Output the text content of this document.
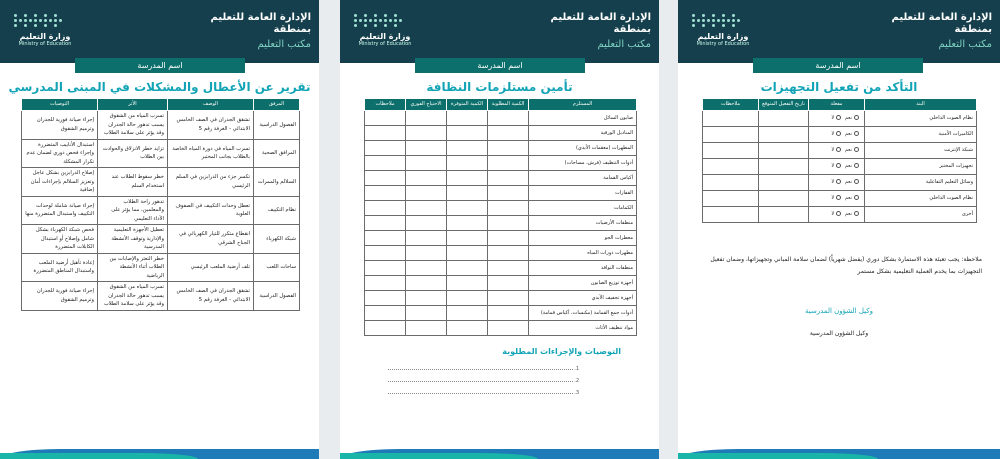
الإدارة العامة للتعليم
بمنطقة
مكتب التعليم
وزارة التعليم
Ministry of Education
اسم المدرسة
تقرير عن الأعطال والمشكلات في المبنى المدرسي
المرفق	الوصف	الأثر	التوصيات
الفصول الدراسية	تشقق الجدران في الصف الخامس الابتدائي - الغرفة رقم 5	تسرب المياه من الشقوق يسبب تدهور حالة الجدران وقد يؤثر على سلامة الطلاب	إجراء صيانة فورية للجدران وترميم الشقوق
المرافق الصحية	تسرب المياه في دورة المياه الخاصة بالطلاب بجانب المختبر	تزايد خطر الانزلاق والحوادث بين الطلاب	استبدال الأنابيب المتضررة وإجراء فحص دوري لضمان عدم تكرار المشكلة
السلالم والممرات	تكسر جزء من الدرابزين في السلم الرئيسي	خطر سقوط الطلاب عند استخدام السلم	إصلاح الدرابزين بشكل عاجل وتعزيز السلالم بإجراءات أمان إضافية
نظام التكييف	تعطل وحدات التكييف في الصفوف العلوية	تدهور راحة الطلاب والمعلمين، مما يؤثر على الأداء التعليمي	إجراء صيانة شاملة لوحدات التكييف واستبدال المتضررة منها
شبكة الكهرباء	انقطاع متكرر للتيار الكهربائي في الجناح الشرقي	تعطيل الأجهزة التعليمية والإدارية وتوقف الأنشطة المدرسية	فحص شبكة الكهرباء بشكل شامل وإصلاح أو استبدال الكابلات المتضررة
ساحات اللعب	تلف أرضية الملعب الرئيسي	خطر التعثر والإصابات بين الطلاب أثناء الأنشطة الرياضية	إعادة تأهيل أرضية الملعب واستبدال المناطق المتضررة
الفصول الدراسية	تشقق الجدران في الصف الخامس الابتدائي - الغرفة رقم 5	تسرب المياه من الشقوق يسبب تدهور حالة الجدران وقد يؤثر على سلامة الطلاب	إجراء صيانة فورية للجدران وترميم الشقوق
الإدارة العامة للتعليم
بمنطقة
مكتب التعليم
وزارة التعليم
Ministry of Education
اسم المدرسة
تأمين مستلزمات النظافة
المستلزم	الكمية المطلوبة	الكمية المتوفرة	الاحتياج الفوري	ملاحظات
صابون السائل				
المناديل الورقية				
المطهرات (معقمات الأيدي)				
أدوات التنظيف (فرش، مساحات)				
أكياس القمامة				
القفازات				
الكمامات				
منظفات الأرضيات				
معطرات الجو				
مطهرات دورات المياه				
منظفات النوافذ				
أجهزة توزيع الصابون				
أجهزة تجفيف الأيدي				
أدوات جمع القمامة (مكنسات، أكياس قمامة)				
مواد تنظيف الأثاث				
التوصيات والإجراءات المطلوبة
1.
2.
3.
الإدارة العامة للتعليم
بمنطقة
مكتب التعليم
وزارة التعليم
Ministry of Education
اسم المدرسة
التأكد من تفعيل التجهيزات
البند	مفعلة	تاريخ التفعيل المتوقع	ملاحظات
نظام الصوت الداخلي	نعم لا		
الكاميرات الأمنية	نعم لا		
شبكة الإنترنت	نعم لا		
تجهيزات المختبر	نعم لا		
وسائل التعليم التفاعلية	نعم لا		
نظام الصوت الداخلي	نعم لا		
أخرى	نعم لا		
ملاحظة: يجب تعبئة هذه الاستمارة بشكل دوري (يفضل شهرياً) لضمان سلامة المباني وتجهيزاتها، وضمان تفعيل التجهيزات بما يخدم العملية التعليمية بشكل مستمر
وكيل الشؤون المدرسية
وكيل الشؤون المدرسية
